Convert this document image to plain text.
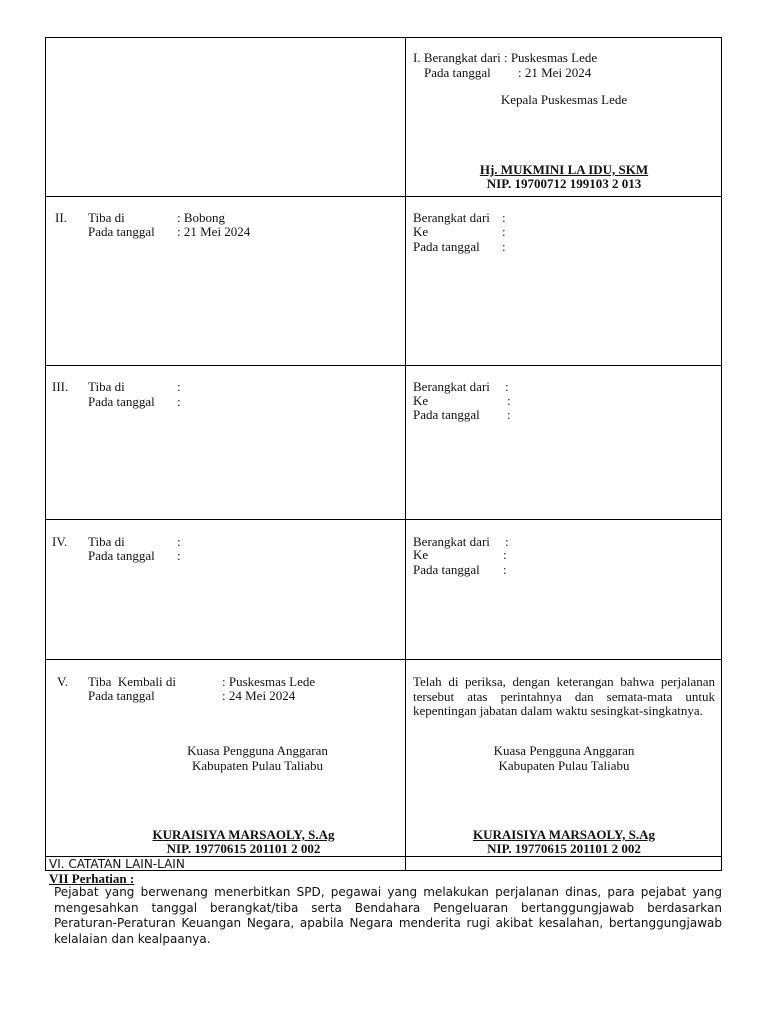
I. Berangkat dari : Puskesmas Lede
Pada tanggal : 21 Mei 2024
Kepala Puskesmas Lede
Hj. MUKMINI LA IDU, SKM
NIP. 19700712 199103 2 013
II. Tiba di	: Bobong
Pada tanggal : 21 Mei 2024
Berangkat dari :
Ke	:
Pada tanggal :
III. Tiba di	:
Pada tanggal :
Berangkat dari :
Ke	:
Pada tanggal :
IV. Tiba di	:
Pada tanggal :
Berangkat dari :
Ke	:
Pada tanggal :
V. Tiba  Kembali di	: Puskesmas Lede
Pada tanggal	: 24 Mei 2024
Kuasa Pengguna Anggaran
Kabupaten Pulau Taliabu
KURAISIYA MARSAOLY, S.Ag
NIP. 19770615 201101 2 002
Telah di periksa, dengan keterangan bahwa perjalanan tersebut atas perintahnya dan semata-mata untuk kepentingan jabatan dalam waktu sesingkat-singkatnya.
Kuasa Pengguna Anggaran
Kabupaten Pulau Taliabu
KURAISIYA MARSAOLY, S.Ag
NIP. 19770615 201101 2 002
VI. CATATAN LAIN-LAIN
VII Perhatian :
Pejabat yang berwenang menerbitkan SPD, pegawai yang melakukan perjalanan dinas, para pejabat yang mengesahkan tanggal berangkat/tiba serta Bendahara Pengeluaran bertanggungjawab berdasarkan Peraturan-Peraturan Keuangan Negara, apabila Negara menderita rugi akibat kesalahan, bertanggungjawab kelalaian dan kealpaanya.
